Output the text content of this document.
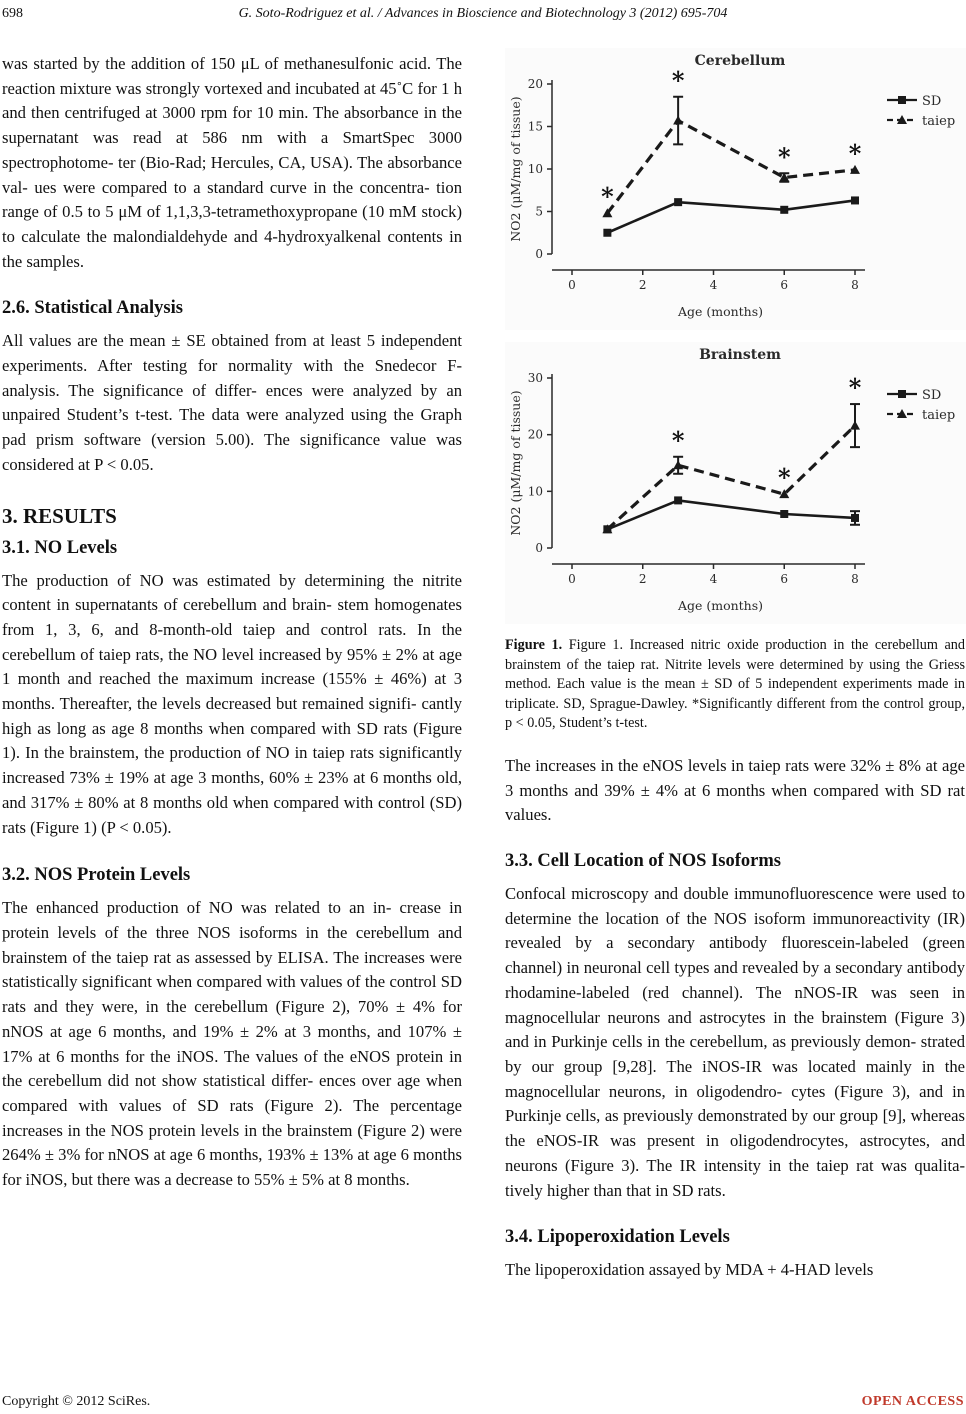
698	G. Soto-Rodriguez et al. / Advances in Bioscience and Biotechnology 3 (2012) 695-704

was started by the addition of 150 μL of methanesulfonic acid. The reaction mixture was strongly vortexed and incubated at 45˚C for 1 h and then centrifuged at 3000 rpm for 10 min. The absorbance in the supernatant was read at 586 nm with a SmartSpec 3000 spectrophotome- ter (Bio-Rad; Hercules, CA, USA). The absorbance val- ues were compared to a standard curve in the concentra- tion range of 0.5 to 5 μM of 1,1,3,3-tetramethoxypropane (10 mM stock) to calculate the malondialdehyde and 4-hydroxyalkenal contents in the samples.

2.6. Statistical Analysis

All values are the mean ± SE obtained from at least 5 independent experiments. After testing for normality with the Snedecor F-analysis. The significance of differ- ences were analyzed by an unpaired Student’s t-test. The data were analyzed using the Graph pad prism software (version 5.00). The significance value was considered at P < 0.05.

3. RESULTS
3.1. NO Levels

The production of NO was estimated by determining the nitrite content in supernatants of cerebellum and brain- stem homogenates from 1, 3, 6, and 8-month-old taiep and control rats. In the cerebellum of taiep rats, the NO level increased by 95% ± 2% at age 1 month and reached the maximum increase (155% ± 46%) at 3 months. Thereafter, the levels decreased but remained signifi- cantly high as long as age 8 months when compared with SD rats (Figure 1). In the brainstem, the production of NO in taiep rats significantly increased 73% ± 19% at age 3 months, 60% ± 23% at 6 months old, and 317% ± 80% at 8 months old when compared with control (SD) rats (Figure 1) (P < 0.05).

3.2. NOS Protein Levels

The enhanced production of NO was related to an in- crease in protein levels of the three NOS isoforms in the cerebellum and brainstem of the taiep rat as assessed by ELISA. The increases were statistically significant when compared with values of the control SD rats and they were, in the cerebellum (Figure 2), 70% ± 4% for nNOS at age 6 months, and 19% ± 2% at 3 months, and 107% ± 17% at 6 months for the iNOS. The values of the eNOS protein in the cerebellum did not show statistical differ- ences over age when compared with values of SD rats (Figure 2). The percentage increases in the NOS protein levels in the brainstem (Figure 2) were 264% ± 3% for nNOS at age 6 months, 193% ± 13% at age 6 months for iNOS, but there was a decrease to 55% ± 5% at 8 months.

Cerebellum
0
5
10
15
20
NO2 (μM/mg of tissue)
0	2	4	6	8
Age (months)
*
*
* *
SD
taiep
Brainstem
0
10
20
30
NO2 (μM/mg of tissue)
0	2	4	6	8
Age (months)
*
*
*	SD
taiep

Figure 1. Figure 1. Increased nitric oxide production in the cerebellum and brainstem of the taiep rat. Nitrite levels were determined by using the Griess method. Each value is the mean ± SD of 5 independent experiments made in triplicate. SD, Sprague-Dawley. *Significantly different from the control group, p < 0.05, Student’s t-test.

The increases in the eNOS levels in taiep rats were 32% ± 8% at age 3 months and 39% ± 4% at 6 months when compared with SD rat values.

3.3. Cell Location of NOS Isoforms

Confocal microscopy and double immunofluorescence were used to determine the location of the NOS isoform immunoreactivity (IR) revealed by a secondary antibody fluorescein-labeled (green channel) in neuronal cell types and revealed by a secondary antibody rhodamine-labeled (red channel). The nNOS-IR was seen in magnocellular neurons and astrocytes in the brainstem (Figure 3) and in Purkinje cells in the cerebellum, as previously demon- strated by our group [9,28]. The iNOS-IR was located mainly in the magnocellular neurons, in oligodendro- cytes (Figure 3), and in Purkinje cells, as previously demonstrated by our group [9], whereas the eNOS-IR was present in oligodendrocytes, astrocytes, and neurons (Figure 3). The IR intensity in the taiep rat was qualita- tively higher than that in SD rats.

3.4. Lipoperoxidation Levels

The lipoperoxidation assayed by MDA + 4-HAD levels

Copyright © 2012 SciRes.	OPEN ACCESS
